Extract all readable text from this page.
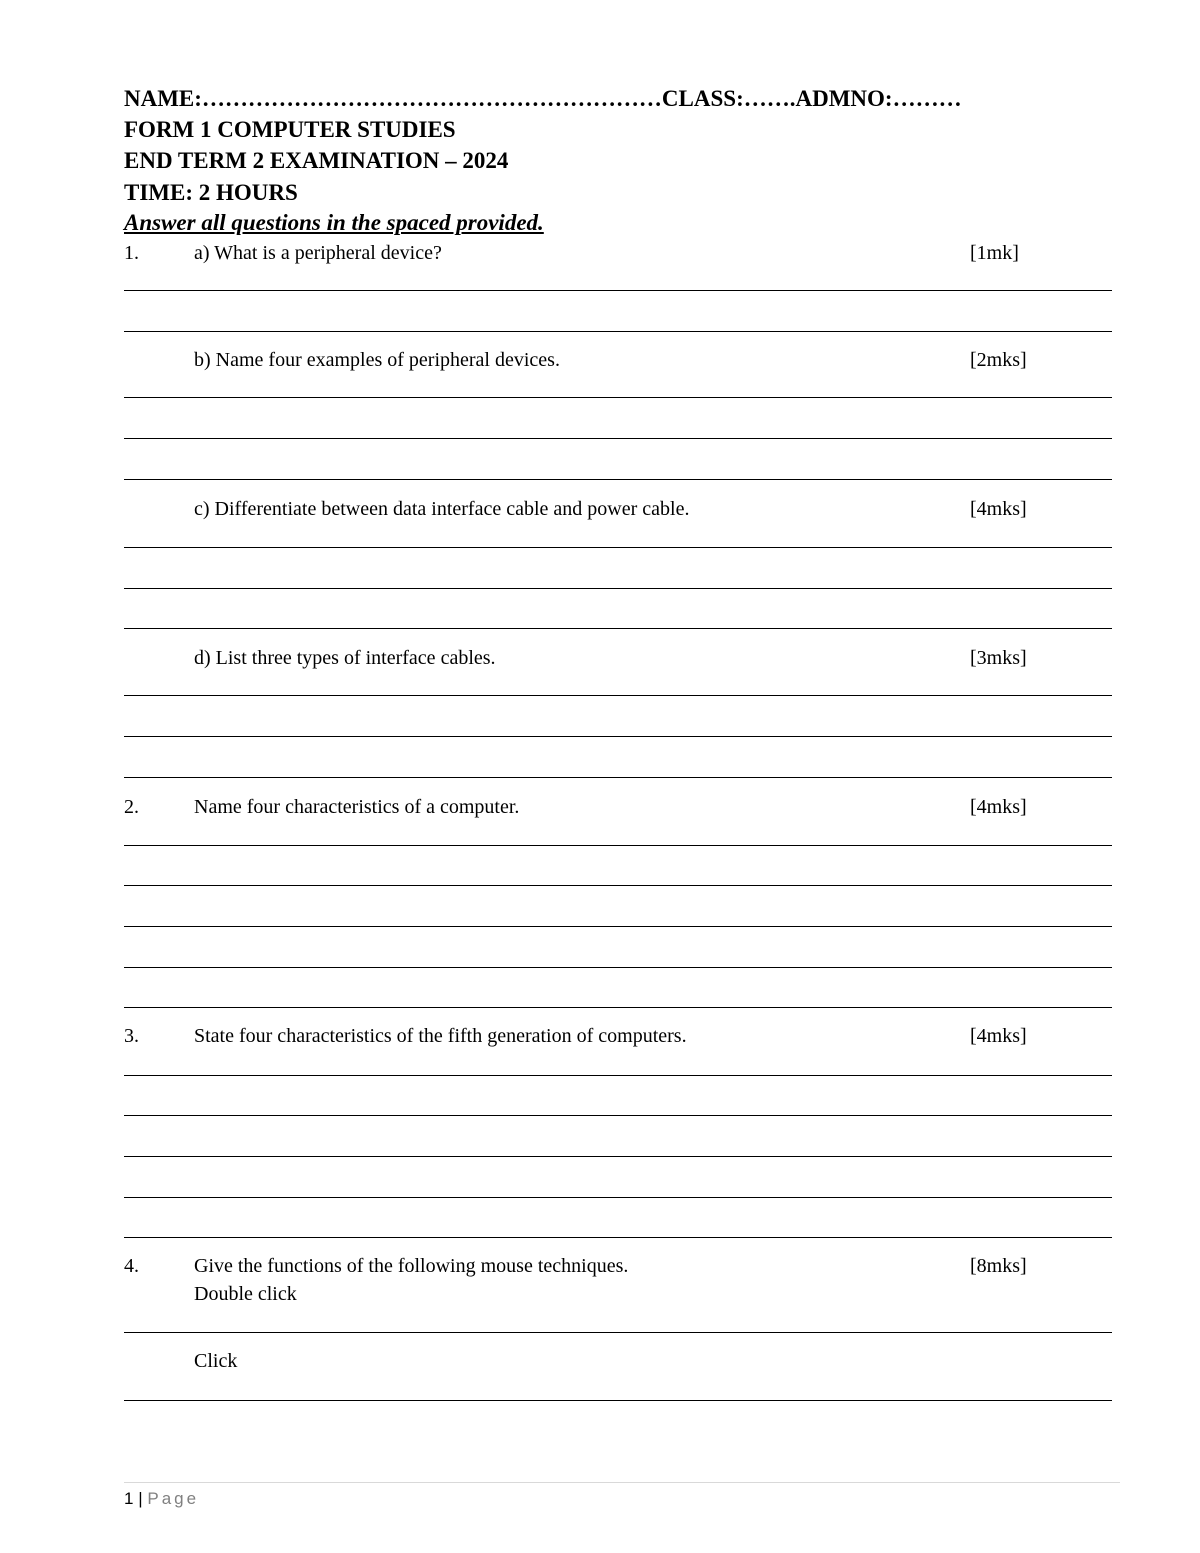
NAME:……………………………………………………CLASS:…….ADMNO:………
FORM 1 COMPUTER STUDIES
END TERM 2 EXAMINATION – 2024
TIME: 2 HOURS
Answer all questions in the spaced provided.
1.	a) What is a peripheral device?	[1mk]
b) Name four examples of peripheral devices.	[2mks]
c) Differentiate between data interface cable and power cable.	[4mks]
d) List three types of interface cables.	[3mks]
2.	Name four characteristics of a computer.	[4mks]
3.	State four characteristics of the fifth generation of computers.	[4mks]
4.	Give the functions of the following mouse techniques.	[8mks]
Double click
Click
1 | Page
